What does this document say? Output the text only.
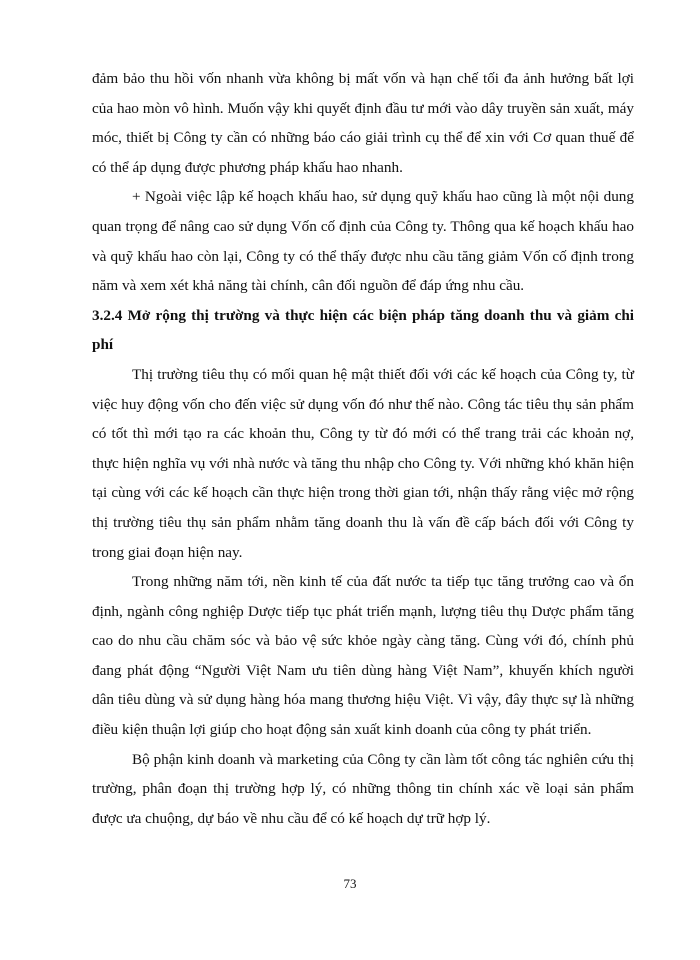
đảm bảo thu hồi vốn nhanh vừa không bị mất vốn và hạn chế tối đa ảnh hưởng bất lợi của hao mòn vô hình. Muốn vậy khi quyết định đầu tư mới vào dây truyền sản xuất, máy móc, thiết bị Công ty cần có những báo cáo giải trình cụ thể để xin với Cơ quan thuế để có thể áp dụng được phương pháp khấu hao nhanh.

+ Ngoài việc lập kế hoạch khấu hao, sử dụng quỹ khấu hao cũng là một nội dung quan trọng để nâng cao sử dụng Vốn cố định của Công ty. Thông qua kế hoạch khấu hao và quỹ khấu hao còn lại, Công ty có thể thấy được nhu cầu tăng giảm Vốn cố định trong năm và xem xét khả năng tài chính, cân đối nguồn để đáp ứng nhu cầu.

3.2.4 Mở rộng thị trường và thực hiện các biện pháp tăng doanh thu và giảm chi phí

Thị trường tiêu thụ có mối quan hệ mật thiết đối với các kế hoạch của Công ty, từ việc huy động vốn cho đến việc sử dụng vốn đó như thế nào. Công tác tiêu thụ sản phẩm có tốt thì mới tạo ra các khoản thu, Công ty từ đó mới có thể trang trải các khoản nợ, thực hiện nghĩa vụ với nhà nước và tăng thu nhập cho Công ty. Với những khó khăn hiện tại cùng với các kế hoạch cần thực hiện trong thời gian tới, nhận thấy rằng việc mở rộng thị trường tiêu thụ sản phẩm nhằm tăng doanh thu là vấn đề cấp bách đối với Công ty trong giai đoạn hiện nay.

Trong những năm tới, nền kinh tế của đất nước ta tiếp tục tăng trưởng cao và ổn định, ngành công nghiệp Dược tiếp tục phát triển mạnh, lượng tiêu thụ Dược phẩm tăng cao do nhu cầu chăm sóc và bảo vệ sức khỏe ngày càng tăng. Cùng với đó, chính phủ đang phát động “Người Việt Nam ưu tiên dùng hàng Việt Nam”, khuyến khích người dân tiêu dùng và sử dụng hàng hóa mang thương hiệu Việt. Vì vậy, đây thực sự là những điều kiện thuận lợi giúp cho hoạt động sản xuất kinh doanh của công ty phát triển.

Bộ phận kinh doanh và marketing của Công ty cần làm tốt công tác nghiên cứu thị trường, phân đoạn thị trường hợp lý, có những thông tin chính xác về loại sản phẩm được ưa chuộng, dự báo về nhu cầu để có kế hoạch dự trữ hợp lý.

73
